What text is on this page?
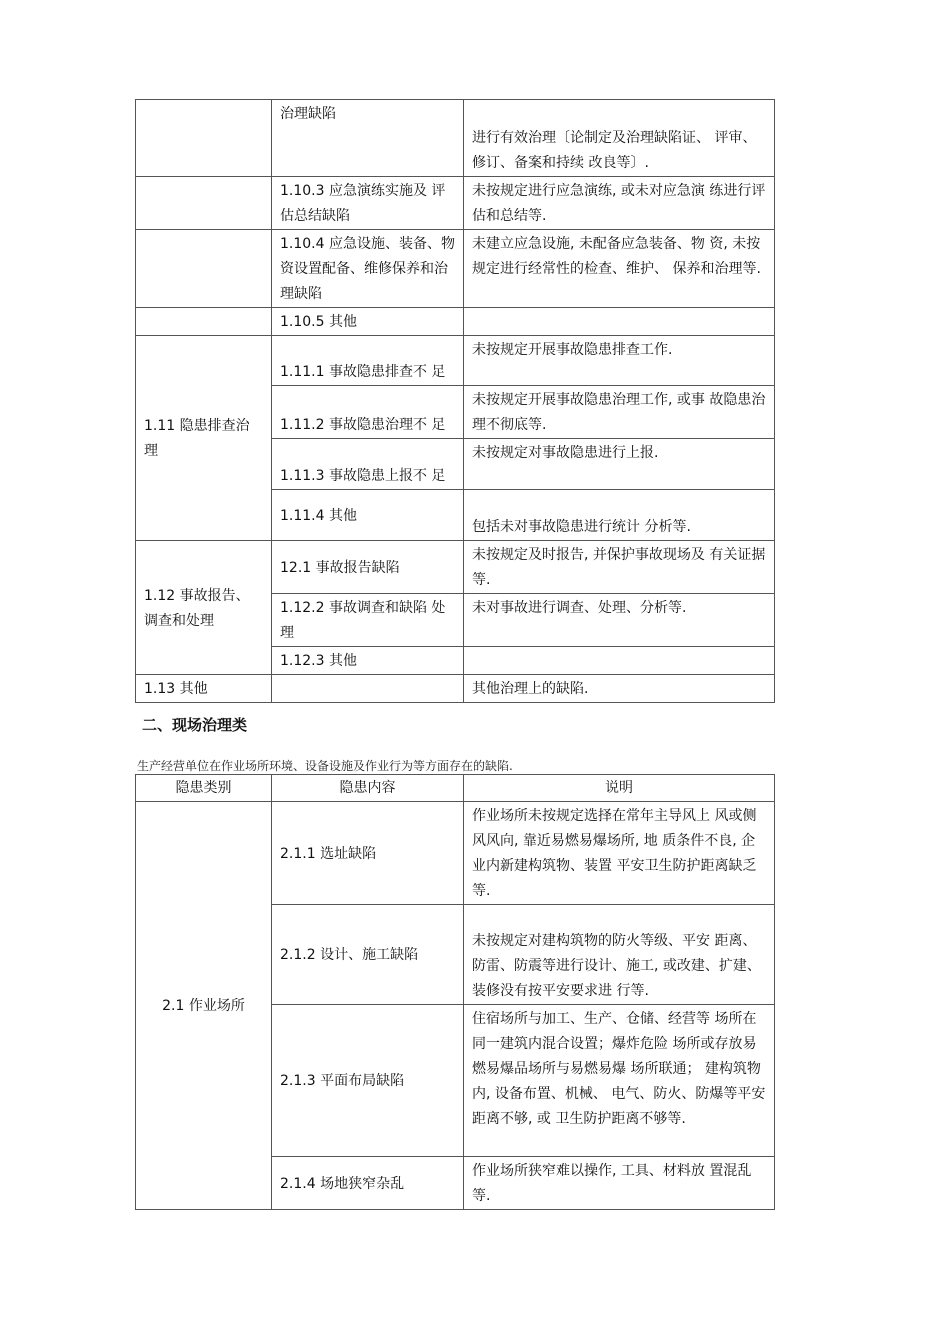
	治理缺陷	进行有效治理〔论制定及治理缺陷证、 评审、修订、备案和持续 改良等〕.
	1.10.3 应急演练实施及 评估总结缺陷	未按规定进行应急演练, 或未对应急演 练进行评估和总结等.
	1.10.4 应急设施、装备、物资设置配备、维修保养和治理缺陷	未建立应急设施, 未配备应急装备、物 资, 未按规定进行经常性的检查、维护、 保养和治理等.
	1.10.5 其他	
1.11 隐患排查治理	1.11.1 事故隐患排查不 足	未按规定开展事故隐患排查工作.
	1.11.2 事故隐患治理不 足	未按规定开展事故隐患治理工作, 或事 故隐患治理不彻底等.
	1.11.3 事故隐患上报不 足	未按规定对事故隐患进行上报.
	1.11.4 其他	包括未对事故隐患进行统计 分析等.
1.12 事故报告、调查和处理	12.1 事故报告缺陷	未按规定及时报告, 并保护事故现场及 有关证据等.
	1.12.2 事故调查和缺陷 处理	未对事故进行调查、处理、分析等.
	1.12.3 其他	
1.13 其他		其他治理上的缺陷.
二、现场治理类
生产经营单位在作业场所环境、设备设施及作业行为等方面存在的缺陷.
隐患类别	隐患内容	说明
2.1 作业场所	2.1.1 选址缺陷	作业场所未按规定选择在常年主导风上 风或侧风风向, 靠近易燃易爆场所, 地 质条件不良, 企业内新建构筑物、装置 平安卫生防护距离缺乏等.
	2.1.2 设计、施工缺陷	未按规定对建构筑物的防火等级、平安 距离、防雷、防震等进行设计、施工, 或改建、扩建、装修没有按平安要求进 行等.
	2.1.3 平面布局缺陷	住宿场所与加工、生产、仓储、经营等 场所在同一建筑内混合设置；爆炸危险 场所或存放易燃易爆品场所与易燃易爆 场所联通； 建构筑物内, 设备布置、机械、 电气、防火、防爆等平安距离不够, 或 卫生防护距离不够等.
	2.1.4 场地狭窄杂乱	作业场所狭窄难以操作, 工具、材料放 置混乱等.
